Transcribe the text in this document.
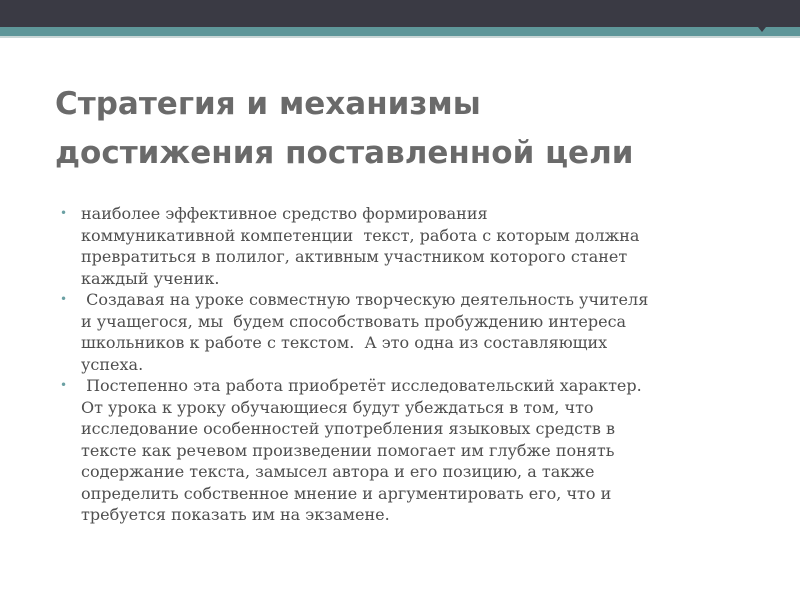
Стратегия и механизмы
достижения поставленной цели
• наиболее эффективное средство формирования
коммуникативной компетенции  текст, работа с которым должна
превратиться в полилог, активным участником которого станет
каждый ученик.
• Создавая на уроке совместную творческую деятельность учителя
и учащегося, мы  будем способствовать пробуждению интереса
школьников к работе с текстом.  А это одна из составляющих
успеха.
• Постепенно эта работа приобретёт исследовательский характер.
От урока к уроку обучающиеся будут убеждаться в том, что
исследование особенностей употребления языковых средств в
тексте как речевом произведении помогает им глубже понять
содержание текста, замысел автора и его позицию, а также
определить собственное мнение и аргументировать его, что и
требуется показать им на экзамене.
